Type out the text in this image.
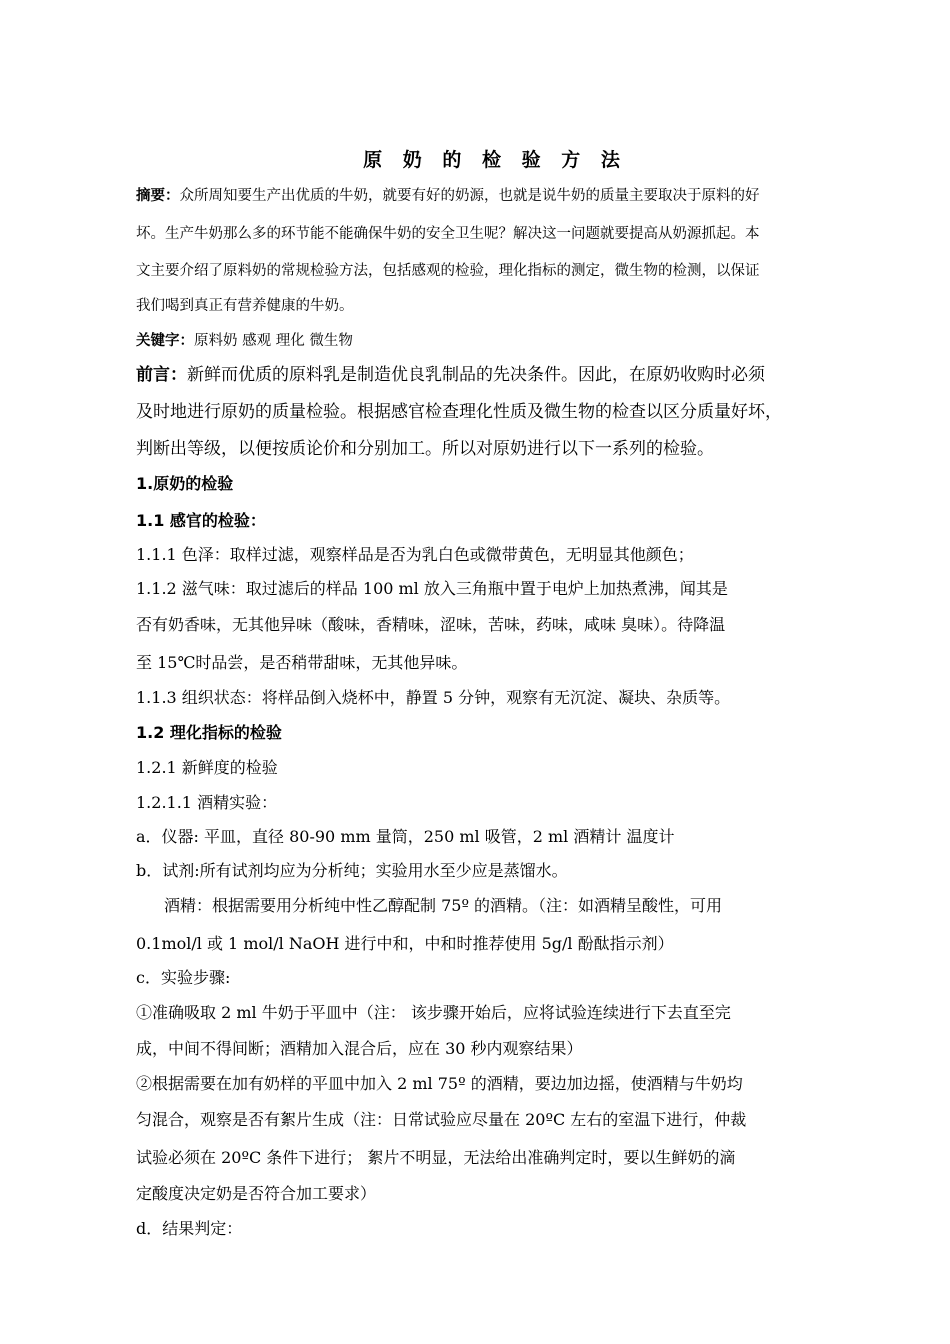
原 奶 的 检 验 方 法
摘要：众所周知要生产出优质的牛奶，就要有好的奶源，也就是说牛奶的质量主要取决于原料的好
坏。生产牛奶那么多的环节能不能确保牛奶的安全卫生呢？解决这一问题就要提高从奶源抓起。本
文主要介绍了原料奶的常规检验方法，包括感观的检验，理化指标的测定，微生物的检测，以保证
我们喝到真正有营养健康的牛奶。
关键字：原料奶 感观 理化 微生物
前言：新鲜而优质的原料乳是制造优良乳制品的先决条件。因此，在原奶收购时必须
及时地进行原奶的质量检验。根据感官检查理化性质及微生物的检查以区分质量好坏，
判断出等级，以便按质论价和分别加工。所以对原奶进行以下一系列的检验。
1.原奶的检验
1.1 感官的检验：
1.1.1 色泽：取样过滤，观察样品是否为乳白色或微带黄色，无明显其他颜色；
1.1.2 滋气味：取过滤后的样品 100 ml 放入三角瓶中置于电炉上加热煮沸，闻其是
否有奶香味，无其他异味（酸味，香精味，涩味，苦味，药味，咸味 臭味）。待降温
至 15℃时品尝，是否稍带甜味，无其他异味。
1.1.3 组织状态：将样品倒入烧杯中，静置 5 分钟，观察有无沉淀、凝块、杂质等。
1.2 理化指标的检验
1.2.1 新鲜度的检验
1.2.1.1 酒精实验：
a．仪器: 平皿，直径 80-90 mm 量筒，250 ml 吸管，2 ml 酒精计 温度计
b．试剂:所有试剂均应为分析纯；实验用水至少应是蒸馏水。
酒精：根据需要用分析纯中性乙醇配制 75º 的酒精。（注：如酒精呈酸性，可用
0.1mol/l 或 1 mol/l NaOH 进行中和，中和时推荐使用 5g/l 酚酞指示剂）
c．实验步骤:
①准确吸取 2 ml 牛奶于平皿中（注： 该步骤开始后，应将试验连续进行下去直至完
成，中间不得间断；酒精加入混合后，应在 30 秒内观察结果）
②根据需要在加有奶样的平皿中加入 2 ml 75º 的酒精，要边加边摇，使酒精与牛奶均
匀混合，观察是否有絮片生成（注：日常试验应尽量在 20ºC 左右的室温下进行，仲裁
试验必须在 20ºC 条件下进行； 絮片不明显，无法给出准确判定时，要以生鲜奶的滴
定酸度决定奶是否符合加工要求）
d．结果判定：
